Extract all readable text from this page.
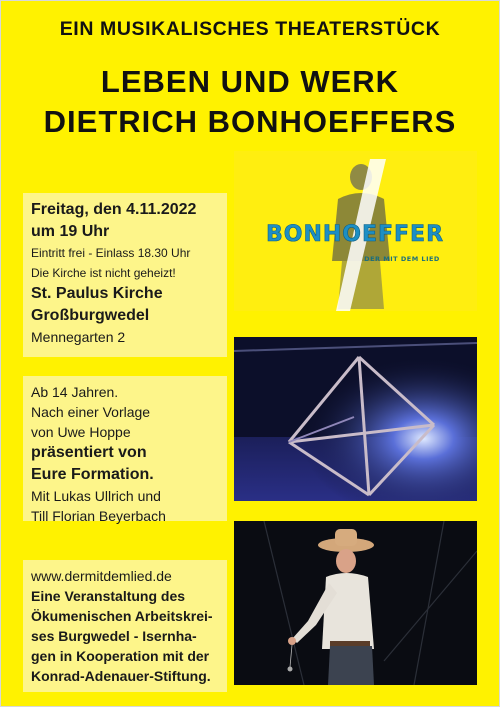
EIN MUSIKALISCHES THEATERSTÜCK
LEBEN UND WERK
DIETRICH BONHOEFFERS
BONHOEFFER
DER MIT DEM LIED
Freitag, den 4.11.2022
um 19 Uhr
Eintritt frei - Einlass 18.30 Uhr
Die Kirche ist nicht geheizt!
St. Paulus Kirche
Großburgwedel
Mennegarten 2
Ab 14 Jahren.
Nach einer Vorlage
von Uwe Hoppe
präsentiert von
Eure Formation.
Mit Lukas Ullrich und
Till Florian Beyerbach
www.dermitdemlied.de
Eine Veranstaltung des
Ökumenischen Arbeitskrei-
ses Burgwedel - Isernha-
gen in Kooperation mit der
Konrad-Adenauer-Stiftung.
